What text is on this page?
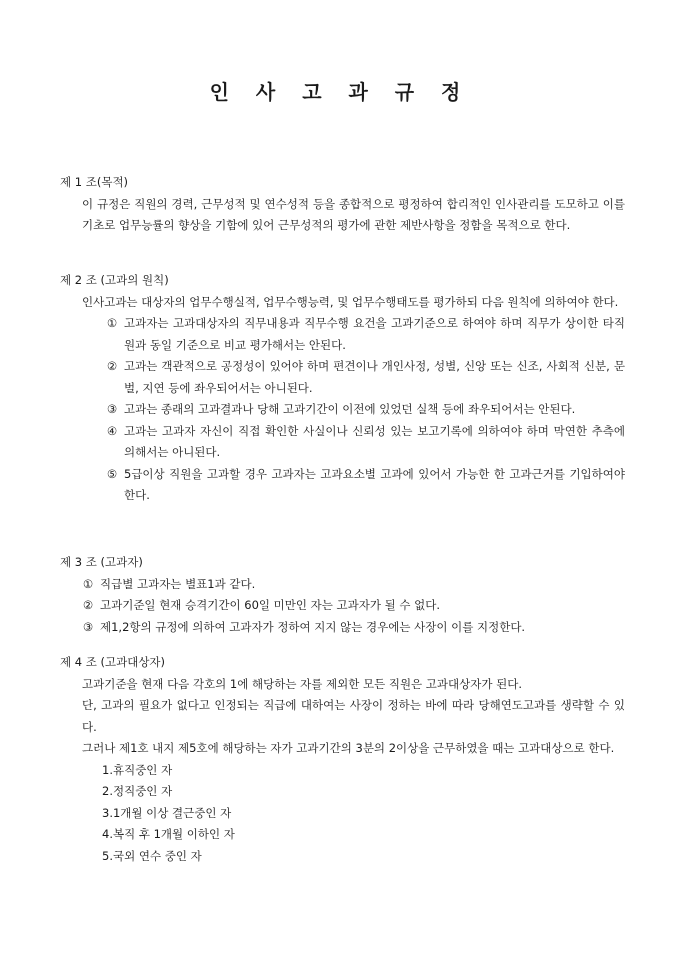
인 사 고 과 규 정
제 1 조(목적)
이 규정은 직원의 경력, 근무성적 및 연수성적 등을 종합적으로 평정하여 합리적인 인사관리를 도모하고 이를 기초로 업무능률의 향상을 기함에 있어 근무성적의 평가에 관한 제반사항을 정함을 목적으로 한다.
제 2 조 (고과의 원칙)
인사고과는 대상자의 업무수행실적, 업무수행능력, 및 업무수행태도를 평가하되 다음 원칙에 의하여야 한다.
① 고과자는 고과대상자의 직무내용과 직무수행 요건을 고과기준으로 하여야 하며 직무가 상이한 타직원과 동일 기준으로 비교 평가해서는 안된다.
② 고과는 객관적으로 공정성이 있어야 하며 편견이나 개인사정, 성별, 신앙 또는 신조, 사회적 신분, 문벌, 지연 등에 좌우되어서는 아니된다.
③ 고과는 종래의 고과결과나 당해 고과기간이 이전에 있었던 실책 등에 좌우되어서는 안된다.
④ 고과는 고과자 자신이 직접 확인한 사실이나 신뢰성 있는 보고기록에 의하여야 하며 막연한 추측에 의해서는 아니된다.
⑤ 5급이상 직원을 고과할 경우 고과자는 고과요소별 고과에 있어서 가능한 한 고과근거를 기입하여야 한다.
제 3 조 (고과자)
① 직급별 고과자는 별표1과 같다.
② 고과기준일 현재 승격기간이 60일 미만인 자는 고과자가 될 수 없다.
③ 제1,2항의 규정에 의하여 고과자가 정하여 지지 않는 경우에는 사장이 이를 지정한다.
제 4 조 (고과대상자)
고과기준을 현재 다음 각호의 1에 해당하는 자를 제외한 모든 직원은 고과대상자가 된다.
단, 고과의 필요가 없다고 인정되는 직급에 대하여는 사장이 정하는 바에 따라 당해연도고과를 생략할 수 있다.
그러나 제1호 내지 제5호에 해당하는 자가 고과기간의 3분의 2이상을 근무하였을 때는 고과대상으로 한다.
1.휴직중인 자
2.정직중인 자
3.1개월 이상 결근중인 자
4.복직 후 1개월 이하인 자
5.국외 연수 중인 자
